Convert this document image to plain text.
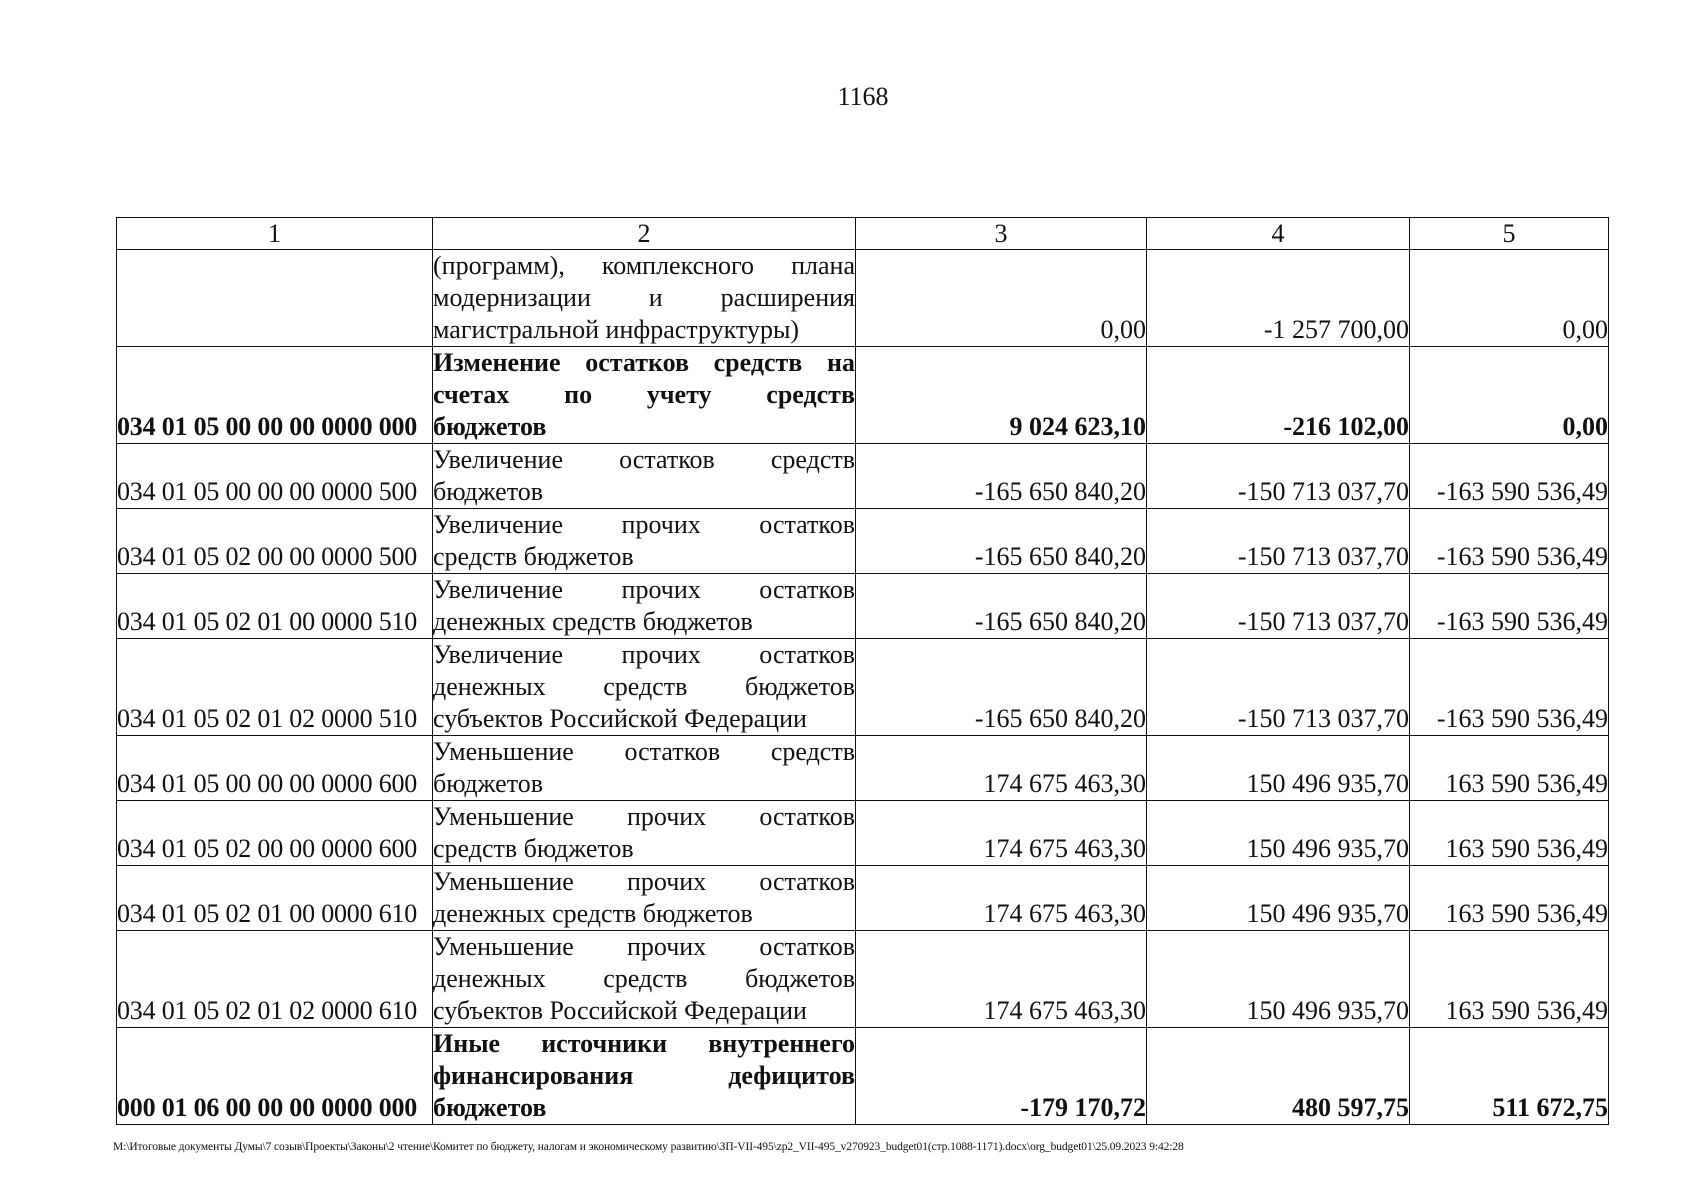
1168
1	2	3	4	5

	(программ), комплексного плана
модернизации и расширения
магистральной инфраструктуры)	0,00	-1 257 700,00	0,00
034 01 05 00 00 00 0000 000	Изменение остатков средств на
счетах по учету средств
бюджетов	9 024 623,10	-216 102,00	0,00
034 01 05 00 00 00 0000 500	Увеличение остатков средств
бюджетов	-165 650 840,20	-150 713 037,70	-163 590 536,49
034 01 05 02 00 00 0000 500	Увеличение прочих остатков
средств бюджетов	-165 650 840,20	-150 713 037,70	-163 590 536,49
034 01 05 02 01 00 0000 510	Увеличение прочих остатков
денежных средств бюджетов	-165 650 840,20	-150 713 037,70	-163 590 536,49
034 01 05 02 01 02 0000 510	Увеличение прочих остатков
денежных средств бюджетов
субъектов Российской Федерации	-165 650 840,20	-150 713 037,70	-163 590 536,49
034 01 05 00 00 00 0000 600	Уменьшение остатков средств
бюджетов	174 675 463,30	150 496 935,70	163 590 536,49
034 01 05 02 00 00 0000 600	Уменьшение прочих остатков
средств бюджетов	174 675 463,30	150 496 935,70	163 590 536,49
034 01 05 02 01 00 0000 610	Уменьшение прочих остатков
денежных средств бюджетов	174 675 463,30	150 496 935,70	163 590 536,49
034 01 05 02 01 02 0000 610	Уменьшение прочих остатков
денежных средств бюджетов
субъектов Российской Федерации	174 675 463,30	150 496 935,70	163 590 536,49
000 01 06 00 00 00 0000 000	Иные источники внутреннего
финансирования дефицитов
бюджетов	-179 170,72	480 597,75	511 672,75
M:\Итоговые документы Думы\7 созыв\Проекты\Законы\2 чтение\Комитет по бюджету, налогам и экономическому развитию\ЗП-VII-495\zp2_VII-495_v270923_budget01(стр.1088-1171).docx\org_budget01\25.09.2023 9:42:28
